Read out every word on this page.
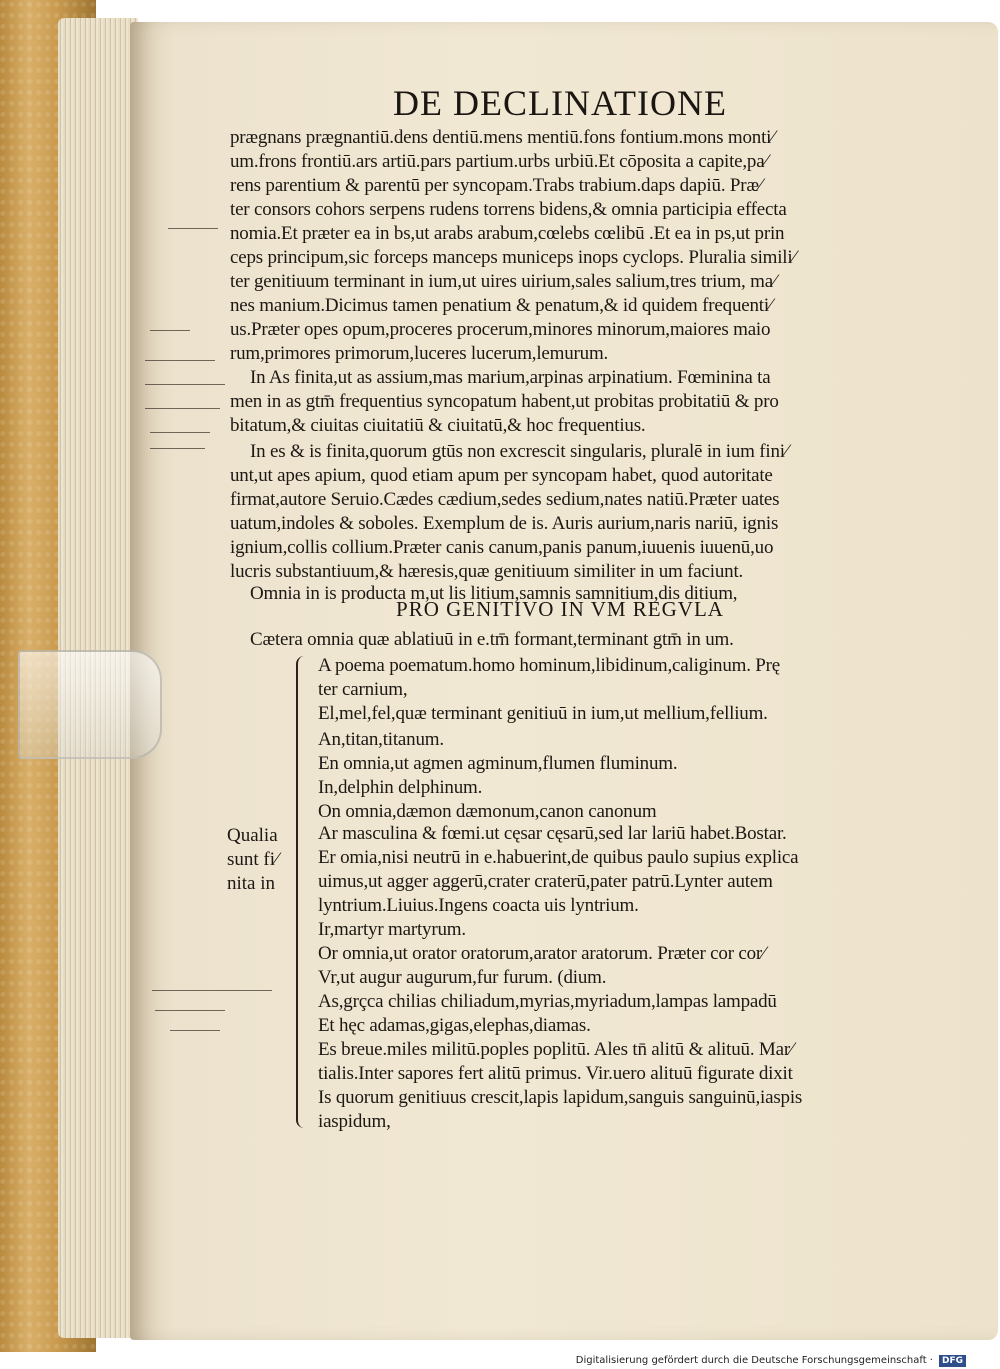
DE DECLINATIONE
prægnans prægnantiū.dens dentiū.mens mentiū.fons fontium.mons monti⁄
um.frons frontiū.ars artiū.pars partium.urbs urbiū.Et cōposita a capite,pa⁄
rens parentium & parentū per syncopam.Trabs trabium.daps dapiū. Præ⁄
ter consors cohors serpens rudens torrens bidens,& omnia participia effecta
nomia.Et præter ea in bs,ut arabs arabum,cœlebs cœlibū .Et ea in ps,ut prin
ceps principum,sic forceps manceps municeps inops cyclops. Pluralia simili⁄
ter genitiuum terminant in ium,ut uires uirium,sales salium,tres trium, ma⁄
nes manium.Dicimus tamen penatium & penatum,& id quidem frequenti⁄
us.Præter opes opum,proceres procerum,minores minorum,maiores maio
rum,primores primorum,luceres lucerum,lemurum.
In As finita,ut as assium,mas marium,arpinas arpinatium. Fœminina ta
men in as gtm̄ frequentius syncopatum habent,ut probitas probitatiū & pro
bitatum,& ciuitas ciuitatiū & ciuitatū,& hoc frequentius.
In es & is finita,quorum gtūs non excrescit singularis, pluralē in ium fini⁄
unt,ut apes apium, quod etiam apum per syncopam habet, quod autoritate
firmat,autore Seruio.Cædes cædium,sedes sedium,nates natiū.Præter uates
uatum,indoles & soboles. Exemplum de is. Auris aurium,naris nariū, ignis
ignium,collis collium.Præter canis canum,panis panum,iuuenis iuuenū,uo
lucris substantiuum,& hæresis,quæ genitiuum similiter in um faciunt.
Omnia in is producta m,ut lis litium,samnis samnitium,dis ditium,
PRO GENITIVO IN VM REGVLA
Cætera omnia quæ ablatiuū in e.tm̄ formant,terminant gtm̄ in um.
A poema poematum.homo hominum,libidinum,caliginum. Prę
ter carnium,
El,mel,fel,quæ terminant genitiuū in ium,ut mellium,fellium.
An,titan,titanum.
En omnia,ut agmen agminum,flumen fluminum.
In,delphin delphinum.
On omnia,dæmon dæmonum,canon canonum
Ar masculina & fœmi.ut cęsar cęsarū,sed lar lariū habet.Bostar.
Er omia,nisi neutrū in e.habuerint,de quibus paulo supius explica
uimus,ut agger aggerū,crater craterū,pater patrū.Lynter autem
lyntrium.Liuius.Ingens coacta uis lyntrium.
Ir,martyr martyrum.
Or omnia,ut orator oratorum,arator aratorum. Præter cor cor⁄
Vr,ut augur augurum,fur furum. (dium.
As,grçca chilias chiliadum,myrias,myriadum,lampas lampadū
Et hęc adamas,gigas,elephas,diamas.
Es breue.miles militū.poples poplitū. Ales tn̄ alitū & alituū. Mar⁄
tialis.Inter sapores fert alitū primus. Vir.uero alituū figurate dixit
Is quorum genitiuus crescit,lapis lapidum,sanguis sanguinū,iaspis
iaspidum,
Qualia
sunt fi⁄
nita in
Digitalisierung gefördert durch die Deutsche Forschungsgemeinschaft ·	DFG
